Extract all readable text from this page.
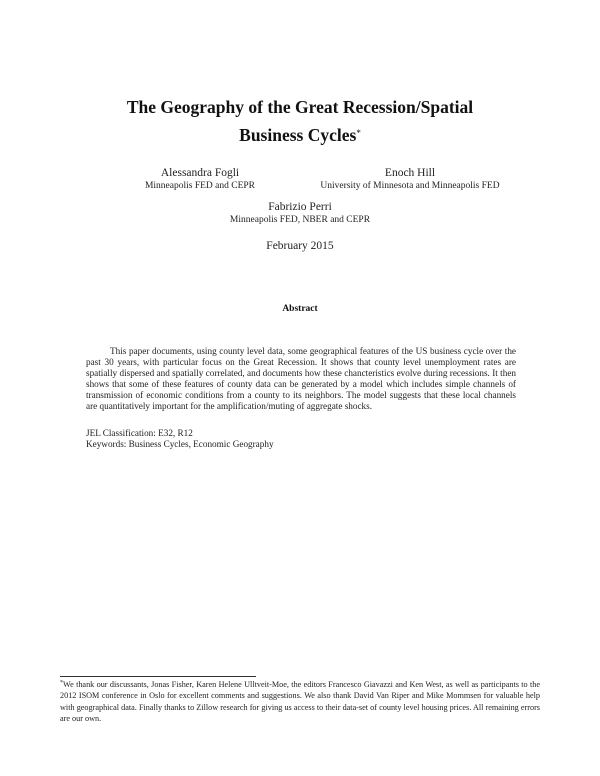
The Geography of the Great Recession/Spatial
Business Cycles*
Alessandra Fogli
Minneapolis FED and CEPR
Enoch Hill
University of Minnesota and Minneapolis FED
Fabrizio Perri
Minneapolis FED, NBER and CEPR
February 2015
Abstract
This paper documents, using county level data, some geographical features of the US business cycle over the past 30 years, with particular focus on the Great Recession. It shows that county level unemployment rates are spatially dispersed and spatially correlated, and documents how these chancteristics evolve during recessions. It then shows that some of these features of county data can be generated by a model which includes simple channels of transmission of economic conditions from a county to its neighbors. The model suggests that these local channels are quantitatively important for the amplification/muting of aggregate shocks.
JEL Classification: E32, R12
Keywords: Business Cycles, Economic Geography
*We thank our discussants, Jonas Fisher, Karen Helene Ulltveit-Moe, the editors Francesco Giavazzi and Ken West, as well as participants to the 2012 ISOM conference in Oslo for excellent comments and suggestions. We also thank David Van Riper and Mike Mommsen for valuable help with geographical data. Finally thanks to Zillow research for giving us access to their data-set of county level housing prices. All remaining errors are our own.
